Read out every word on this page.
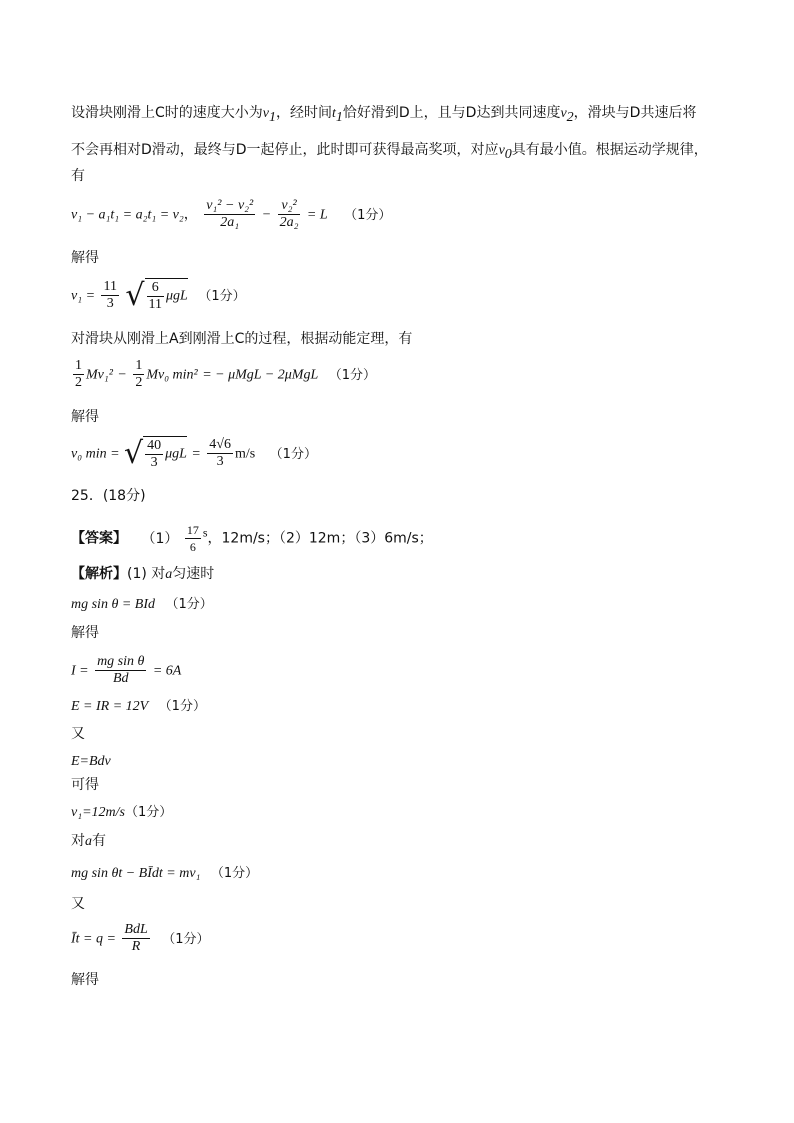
设滑块刚滑上C时的速度大小为$v_1$，经时间$t_1$恰好滑到D上，且与D达到共同速度$v_2$，滑块与D共速后将
不会再相对D滑动，最终与D一起停止，此时即可获得最高奖项，对应$v_0$具有最小值。根据运动学规律，
有
v₁ − a₁t₁ = a₂t₁ = v₂， $\frac{\text{v₁² − v₂²}}{\text{2a₁}} - \frac{\text{v₂²}}{\text{2a₂}} = L$ （1分）
解得
$v_1 = \frac{11}{3}$ √ $\frac{6}{11}$ μgL （1分）
对滑块从刚滑上A到刚滑上C的过程，根据动能定理，有
$\frac{1}{2} Mv_1^2 - \frac{1}{2} Mv_0$ min² = − μMgL − 2μMgL （1分）
解得
v₀ min = √ $\frac{40}{3}$ $\mu gL = \frac{4√6}{3} m/s$ （1分）
25．(18分)
【答案】 $(1) \frac{17}{6}$ s，12m/s；（2）12m；（3）6m/s；
【解析】(1) 对a匀速时
mg sin θ = BId （1分）
解得
$I = \frac{\text{mg sin θ}}{Bd} = 6A$
E = IR = 12V （1分）
又
E=Bdv
可得
v₁=12m/s（1分）
对a有
mg sin θt − BĪdt = mv₁ （1分）
又
Īt = $q = \frac{\text{BdL}}{R} (1$分）
解得
